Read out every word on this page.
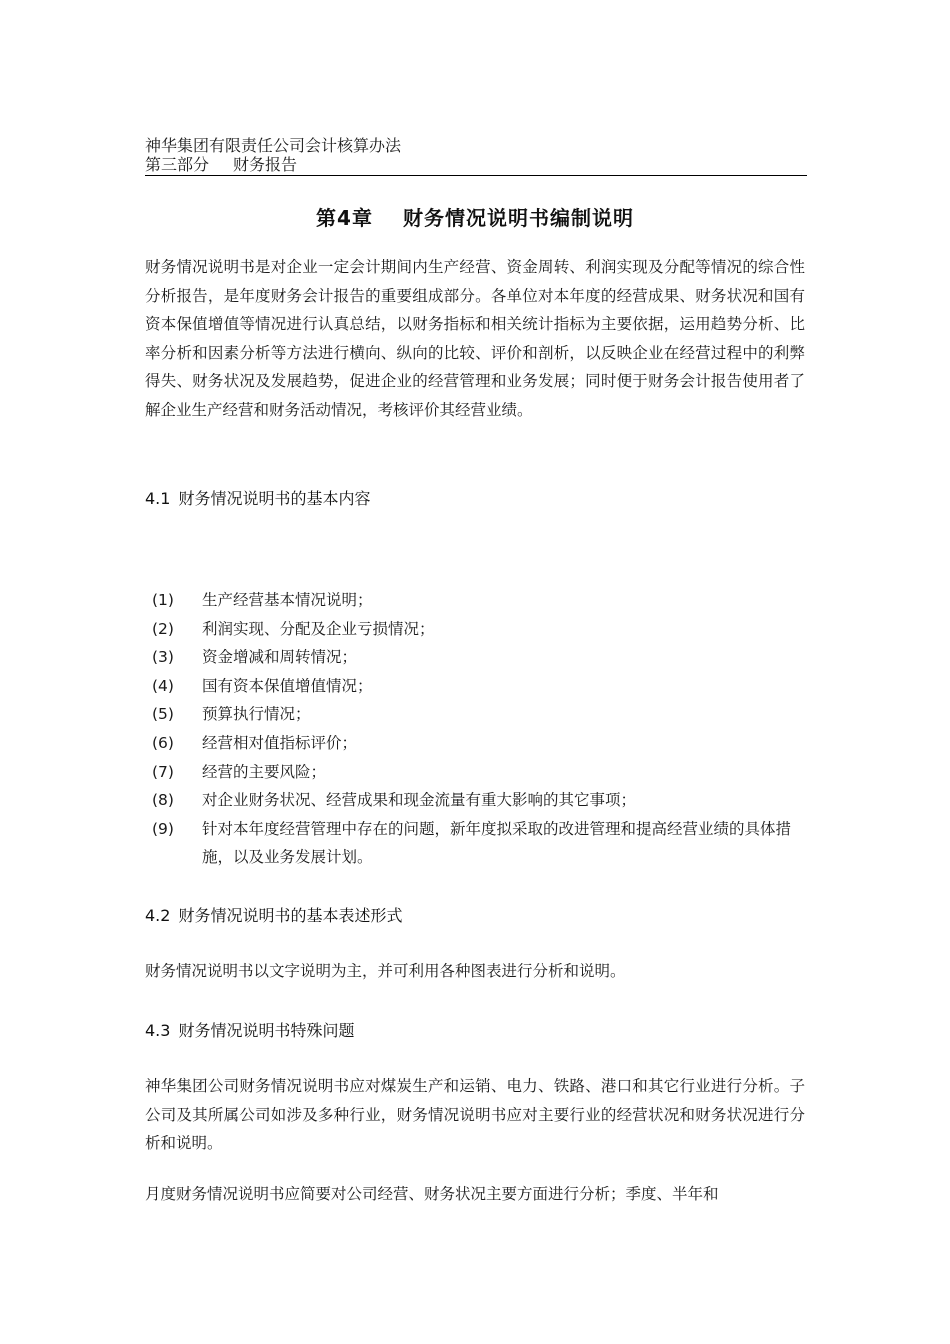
神华集团有限责任公司会计核算办法
第三部分 财务报告
第4章 财务情况说明书编制说明
财务情况说明书是对企业一定会计期间内生产经营、资金周转、利润实现及分配等情况的综合性分析报告，是年度财务会计报告的重要组成部分。各单位对本年度的经营成果、财务状况和国有资本保值增值等情况进行认真总结，以财务指标和相关统计指标为主要依据，运用趋势分析、比率分析和因素分析等方法进行横向、纵向的比较、评价和剖析，以反映企业在经营过程中的利弊得失、财务状况及发展趋势，促进企业的经营管理和业务发展；同时便于财务会计报告使用者了解企业生产经营和财务活动情况，考核评价其经营业绩。
4.1 财务情况说明书的基本内容
(1)	生产经营基本情况说明；
(2)	利润实现、分配及企业亏损情况；
(3)	资金增减和周转情况；
(4)	国有资本保值增值情况；
(5)	预算执行情况；
(6)	经营相对值指标评价；
(7)	经营的主要风险；
(8)	对企业财务状况、经营成果和现金流量有重大影响的其它事项；
(9)	针对本年度经营管理中存在的问题，新年度拟采取的改进管理和提高经营业绩的具体措施，以及业务发展计划。
4.2 财务情况说明书的基本表述形式
财务情况说明书以文字说明为主，并可利用各种图表进行分析和说明。
4.3 财务情况说明书特殊问题
神华集团公司财务情况说明书应对煤炭生产和运销、电力、铁路、港口和其它行业进行分析。子公司及其所属公司如涉及多种行业，财务情况说明书应对主要行业的经营状况和财务状况进行分析和说明。
月度财务情况说明书应简要对公司经营、财务状况主要方面进行分析；季度、半年和
